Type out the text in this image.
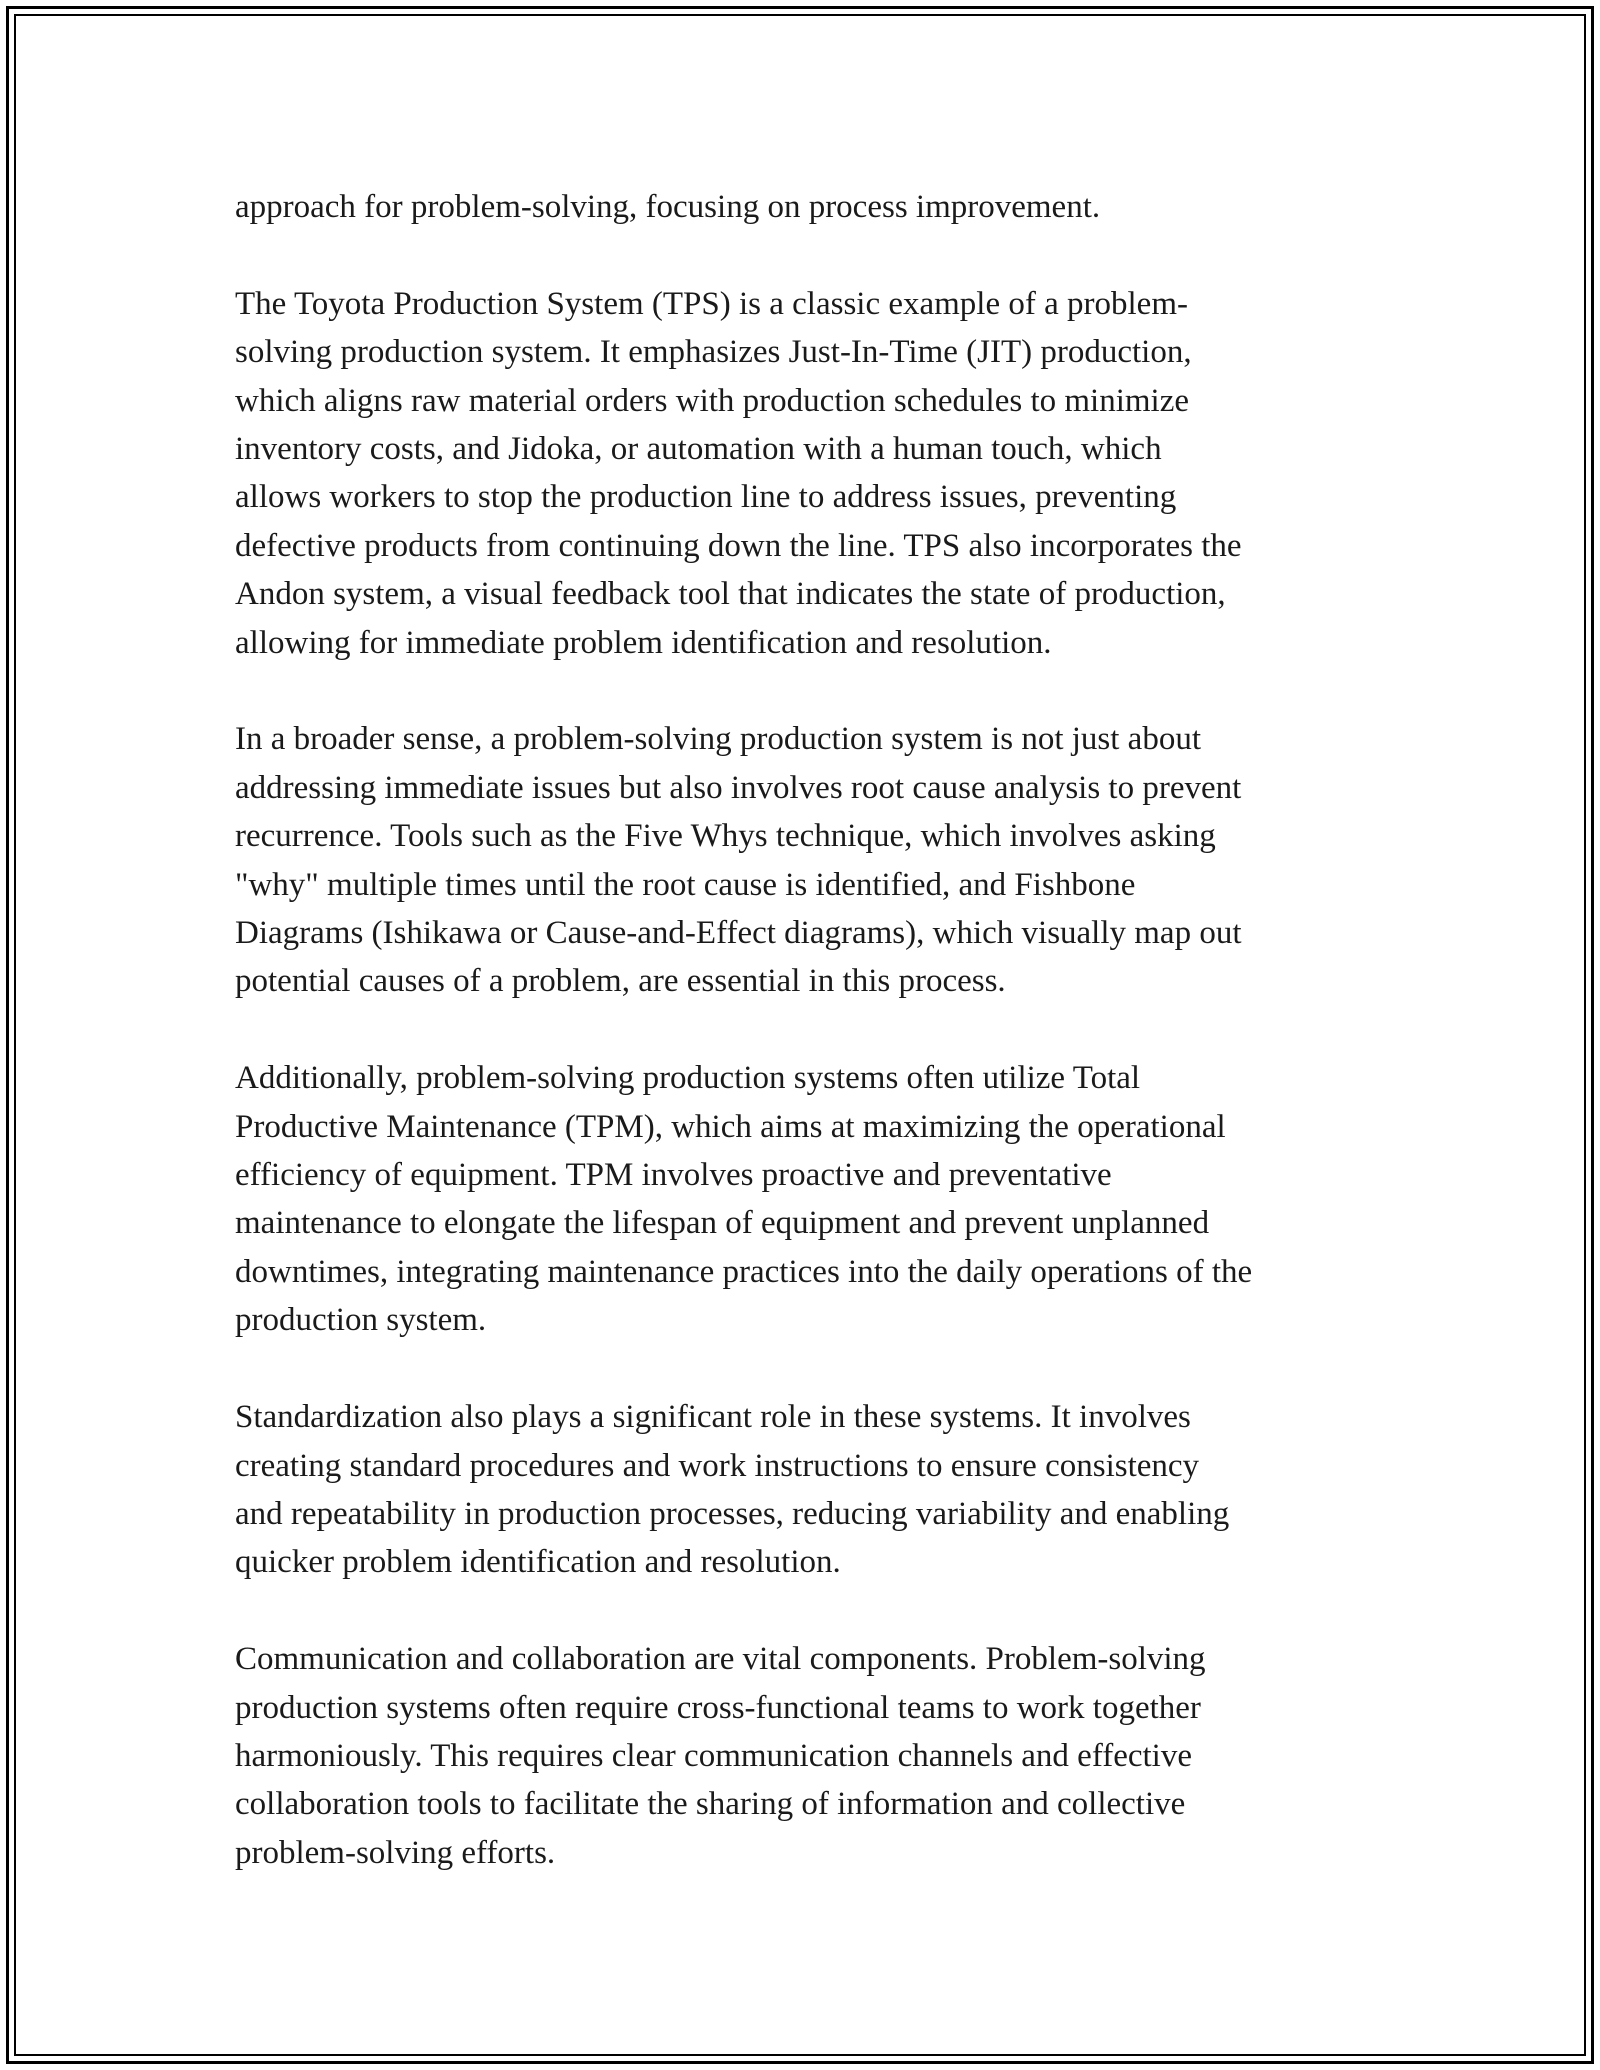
approach for problem-solving, focusing on process improvement.

The Toyota Production System (TPS) is a classic example of a problem-
solving production system. It emphasizes Just-In-Time (JIT) production,
which aligns raw material orders with production schedules to minimize
inventory costs, and Jidoka, or automation with a human touch, which
allows workers to stop the production line to address issues, preventing
defective products from continuing down the line. TPS also incorporates the
Andon system, a visual feedback tool that indicates the state of production,
allowing for immediate problem identification and resolution.

In a broader sense, a problem-solving production system is not just about
addressing immediate issues but also involves root cause analysis to prevent
recurrence. Tools such as the Five Whys technique, which involves asking
"why" multiple times until the root cause is identified, and Fishbone
Diagrams (Ishikawa or Cause-and-Effect diagrams), which visually map out
potential causes of a problem, are essential in this process.

Additionally, problem-solving production systems often utilize Total
Productive Maintenance (TPM), which aims at maximizing the operational
efficiency of equipment. TPM involves proactive and preventative
maintenance to elongate the lifespan of equipment and prevent unplanned
downtimes, integrating maintenance practices into the daily operations of the
production system.

Standardization also plays a significant role in these systems. It involves
creating standard procedures and work instructions to ensure consistency
and repeatability in production processes, reducing variability and enabling
quicker problem identification and resolution.

Communication and collaboration are vital components. Problem-solving
production systems often require cross-functional teams to work together
harmoniously. This requires clear communication channels and effective
collaboration tools to facilitate the sharing of information and collective
problem-solving efforts.
